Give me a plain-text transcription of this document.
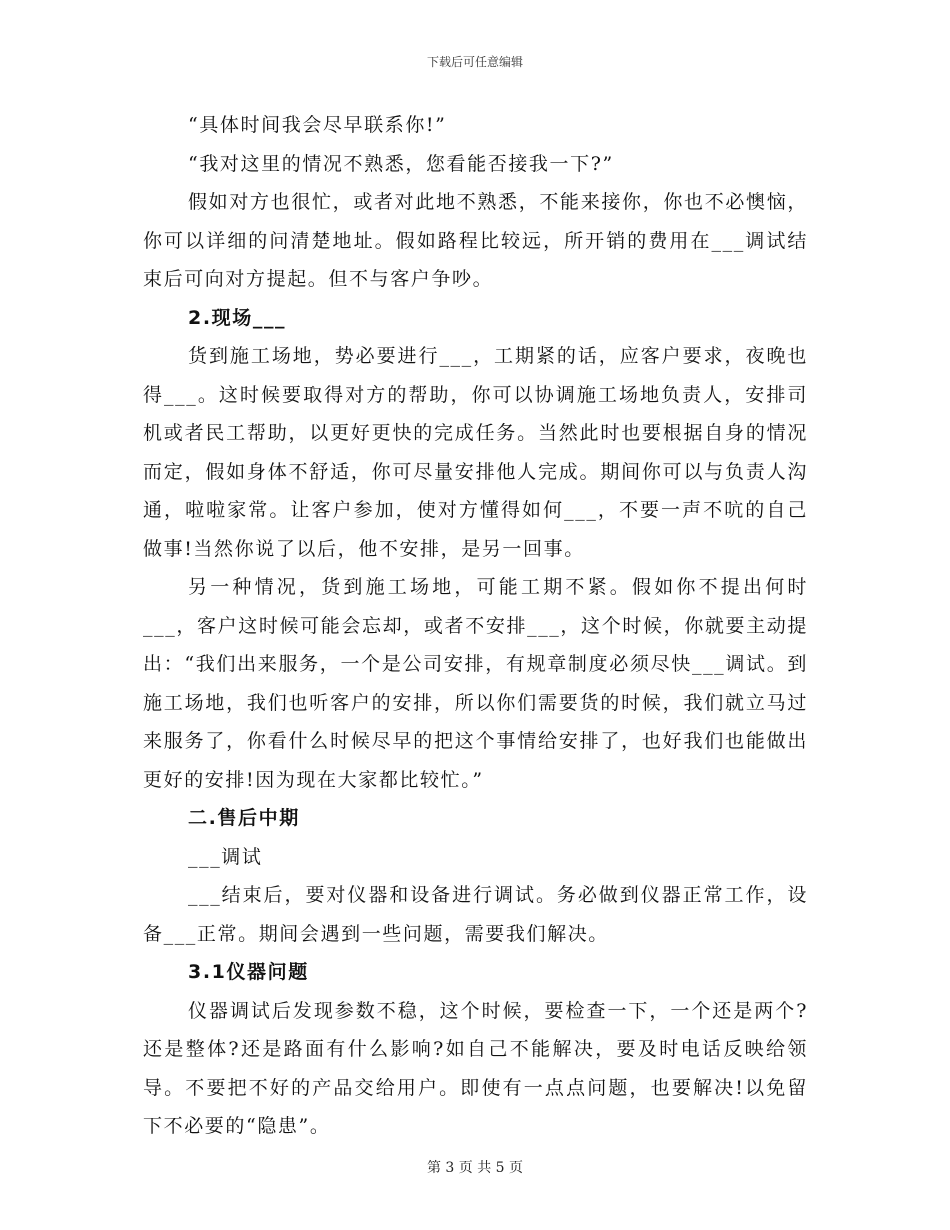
下载后可任意编辑

“具体时间我会尽早联系你!”

“我对这里的情况不熟悉，您看能否接我一下?”

假如对方也很忙，或者对此地不熟悉，不能来接你，你也不必懊恼，你可以详细的问清楚地址。假如路程比较远，所开销的费用在___调试结束后可向对方提起。但不与客户争吵。

2.现场___

货到施工场地，势必要进行___，工期紧的话，应客户要求，夜晚也得___。这时候要取得对方的帮助，你可以协调施工场地负责人，安排司机或者民工帮助，以更好更快的完成任务。当然此时也要根据自身的情况而定，假如身体不舒适，你可尽量安排他人完成。期间你可以与负责人沟通，啦啦家常。让客户参加，使对方懂得如何___，不要一声不吭的自己做事!当然你说了以后，他不安排，是另一回事。

另一种情况，货到施工场地，可能工期不紧。假如你不提出何时___，客户这时候可能会忘却，或者不安排___，这个时候，你就要主动提出：“我们出来服务，一个是公司安排，有规章制度必须尽快___调试。到施工场地，我们也听客户的安排，所以你们需要货的时候，我们就立马过来服务了，你看什么时候尽早的把这个事情给安排了，也好我们也能做出更好的安排!因为现在大家都比较忙。”

二.售后中期

___调试

___结束后，要对仪器和设备进行调试。务必做到仪器正常工作，设备___正常。期间会遇到一些问题，需要我们解决。

3.1仪器问题

仪器调试后发现参数不稳，这个时候，要检查一下，一个还是两个?还是整体?还是路面有什么影响?如自己不能解决，要及时电话反映给领导。不要把不好的产品交给用户。即使有一点点问题，也要解决!以免留下不必要的“隐患”。

第 3 页 共 5 页
